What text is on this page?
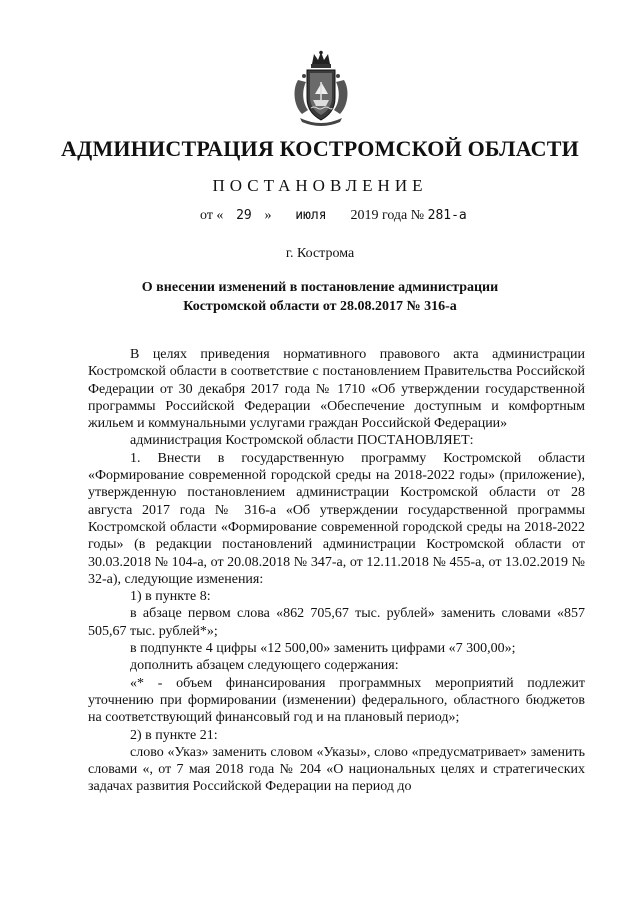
АДМИНИСТРАЦИЯ КОСТРОМСКОЙ ОБЛАСТИ
ПОСТАНОВЛЕНИЕ
от « 29 » июля 2019 года № 281-а
г. Кострома
О внесении изменений в постановление администрации
Костромской области от 28.08.2017 № 316-а

В целях приведения нормативного правового акта администрации Костромской области в соответствие с постановлением Правительства Российской Федерации от 30 декабря 2017 года № 1710 «Об утверждении государственной программы Российской Федерации «Обеспечение доступным и комфортным жильем и коммунальными услугами граждан Российской Федерации»

администрация Костромской области ПОСТАНОВЛЯЕТ:

1. Внести в государственную программу Костромской области «Формирование современной городской среды на 2018-2022 годы» (приложение), утвержденную постановлением администрации Костромской области от 28 августа 2017 года № 316-а «Об утверждении государственной программы Костромской области «Формирование современной городской среды на 2018-2022 годы» (в редакции постановлений администрации Костромской области от 30.03.2018 № 104-а, от 20.08.2018 № 347-а, от 12.11.2018 № 455-а, от 13.02.2019 № 32-а), следующие изменения:

1) в пункте 8:

в абзаце первом слова «862 705,67 тыс. рублей» заменить словами «857 505,67 тыс. рублей*»;

в подпункте 4 цифры «12 500,00» заменить цифрами «7 300,00»;

дополнить абзацем следующего содержания:

«* - объем финансирования программных мероприятий подлежит уточнению при формировании (изменении) федерального, областного бюджетов на соответствующий финансовый год и на плановый период»;

2) в пункте 21:

слово «Указ» заменить словом «Указы», слово «предусматривает» заменить словами «, от 7 мая 2018 года № 204 «О национальных целях и стратегических задачах развития Российской Федерации на период до
